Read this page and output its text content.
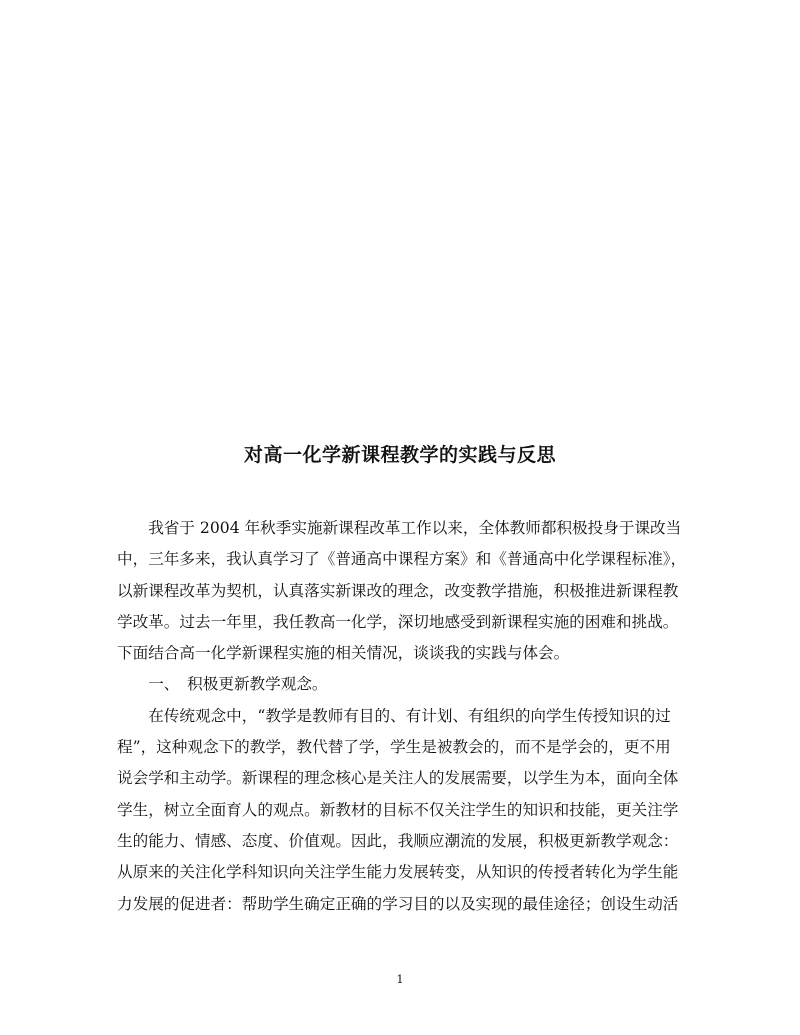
对高一化学新课程教学的实践与反思
　　我省于 2004 年秋季实施新课程改革工作以来，全体教师都积极投身于课改当
中，三年多来，我认真学习了《普通高中课程方案》和《普通高中化学课程标准》，
以新课程改革为契机，认真落实新课改的理念，改变教学措施，积极推进新课程教
学改革。过去一年里，我任教高一化学，深切地感受到新课程实施的困难和挑战。
下面结合高一化学新课程实施的相关情况，谈谈我的实践与体会。
　　一、　积极更新教学观念。
　　在传统观念中，“教学是教师有目的、有计划、有组织的向学生传授知识的过
程”，这种观念下的教学，教代替了学，学生是被教会的，而不是学会的，更不用
说会学和主动学。新课程的理念核心是关注人的发展需要，以学生为本，面向全体
学生，树立全面育人的观点。新教材的目标不仅关注学生的知识和技能，更关注学
生的能力、情感、态度、价值观。因此，我顺应潮流的发展，积极更新教学观念：
从原来的关注化学科知识向关注学生能力发展转变，从知识的传授者转化为学生能
力发展的促进者：帮助学生确定正确的学习目的以及实现的最佳途径；创设生动活
1
